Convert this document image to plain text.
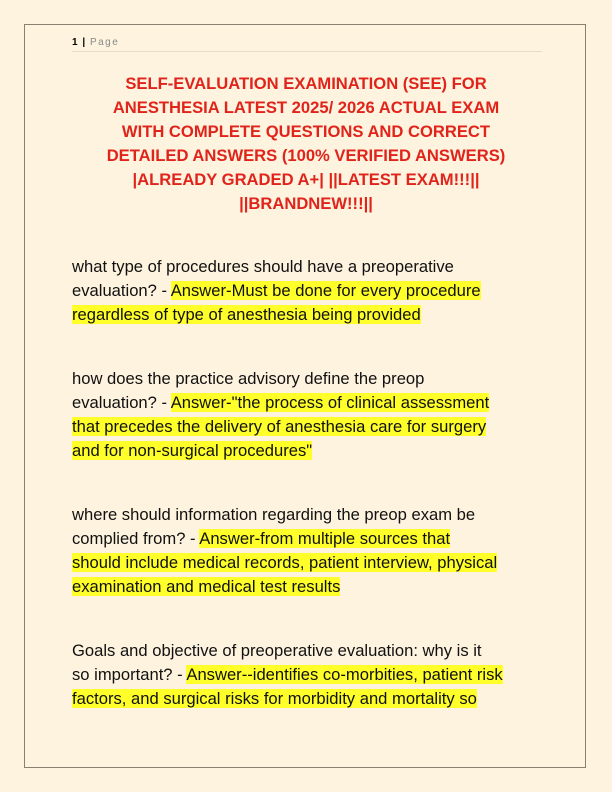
1 | Page
SELF-EVALUATION EXAMINATION (SEE) FOR
ANESTHESIA LATEST 2025/ 2026 ACTUAL EXAM
WITH COMPLETE QUESTIONS AND CORRECT
DETAILED ANSWERS (100% VERIFIED ANSWERS)
|ALREADY GRADED A+| ||LATEST EXAM!!!||
||BRANDNEW!!!||
what type of procedures should have a preoperative
evaluation? - Answer-Must be done for every procedure
regardless of type of anesthesia being provided
how does the practice advisory define the preop
evaluation? - Answer-"the process of clinical assessment
that precedes the delivery of anesthesia care for surgery
and for non-surgical procedures"
where should information regarding the preop exam be
complied from? - Answer-from multiple sources that
should include medical records, patient interview, physical
examination and medical test results
Goals and objective of preoperative evaluation: why is it
so important? - Answer--identifies co-morbities, patient risk
factors, and surgical risks for morbidity and mortality so
